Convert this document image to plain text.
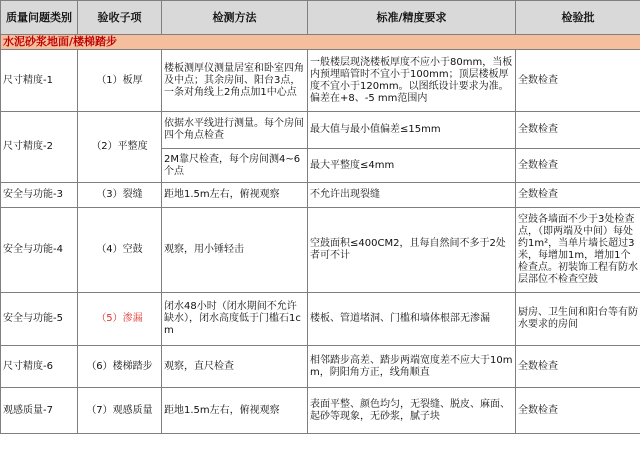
质量问题类别	验收子项	检测方法	标准/精度要求	检验批
水泥砂浆地面/楼梯踏步				
尺寸精度-1	（1）板厚	楼板测厚仪测量居室和卧室四角及中点；其余房间、阳台3点，一条对角线上2角点加1中心点	一般楼层现浇楼板厚度不应小于80mm，当板内预埋暗管时不宜小于100mm；顶层楼板厚度不宜小于120mm。以图纸设计要求为准。偏差在+8、-5 mm范围内	全数检查
尺寸精度-2	（2）平整度	依据水平线进行测量。每个房间四个角点检查	最大值与最小值偏差≤15mm	全数检查
		2M靠尺检查，每个房间测4~6个点	最大平整度≤4mm	全数检查
安全与功能-3	（3）裂缝	距地1.5m左右，俯视观察	不允许出现裂缝	全数检查
安全与功能-4	（4）空鼓	观察，用小锤轻击	空鼓面积≤400CM2，且每自然间不多于2处者可不计	空鼓各墙面不少于3处检查点，（即两端及中间）每处约1m²，当单片墙长超过3米，每增加1m，增加1个检查点。初装饰工程有防水层部位不检查空鼓
安全与功能-5	（5）渗漏	闭水48小时（闭水期间不允许缺水），闭水高度低于门槛石1cm	楼板、管道堵洞、门槛和墙体根部无渗漏	厨房、卫生间和阳台等有防水要求的房间
尺寸精度-6	（6）楼梯踏步	观察，直尺检查	相邻踏步高差、踏步两端宽度差不应大于10mm，阴阳角方正，线角顺直	全数检查
观感质量-7	（7）观感质量	距地1.5m左右，俯视观察	表面平整、颜色均匀，无裂缝、脱皮、麻面、起砂等现象，无砂浆，腻子块	全数检查
